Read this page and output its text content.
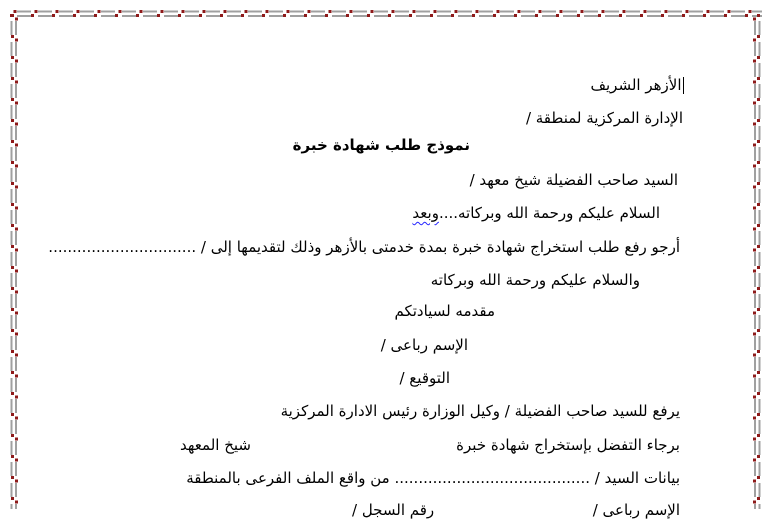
الأزهر الشريف
الإدارة المركزية لمنطقة /
نموذج طلب شهادة خبرة
السيد صاحب الفضيلة شيخ معهد /
السلام عليكم ورحمة الله وبركاته....وبعد
أرجو رفع طلب استخراج شهادة خبرة بمدة خدمتى بالأزهر وذلك لتقديمها إلى / ...............................
والسلام عليكم ورحمة الله وبركاته
مقدمه لسيادتكم
الإسم رباعى /
التوقيع /
يرفع للسيد صاحب الفضيلة / وكيل الوزارة رئيس الادارة المركزية
برجاء التفضل بإستخراج شهادة خبرة
شيخ المعهد
بيانات السيد / ......................................... من واقع الملف الفرعى بالمنطقة
الإسم رباعى /
رقم السجل /
